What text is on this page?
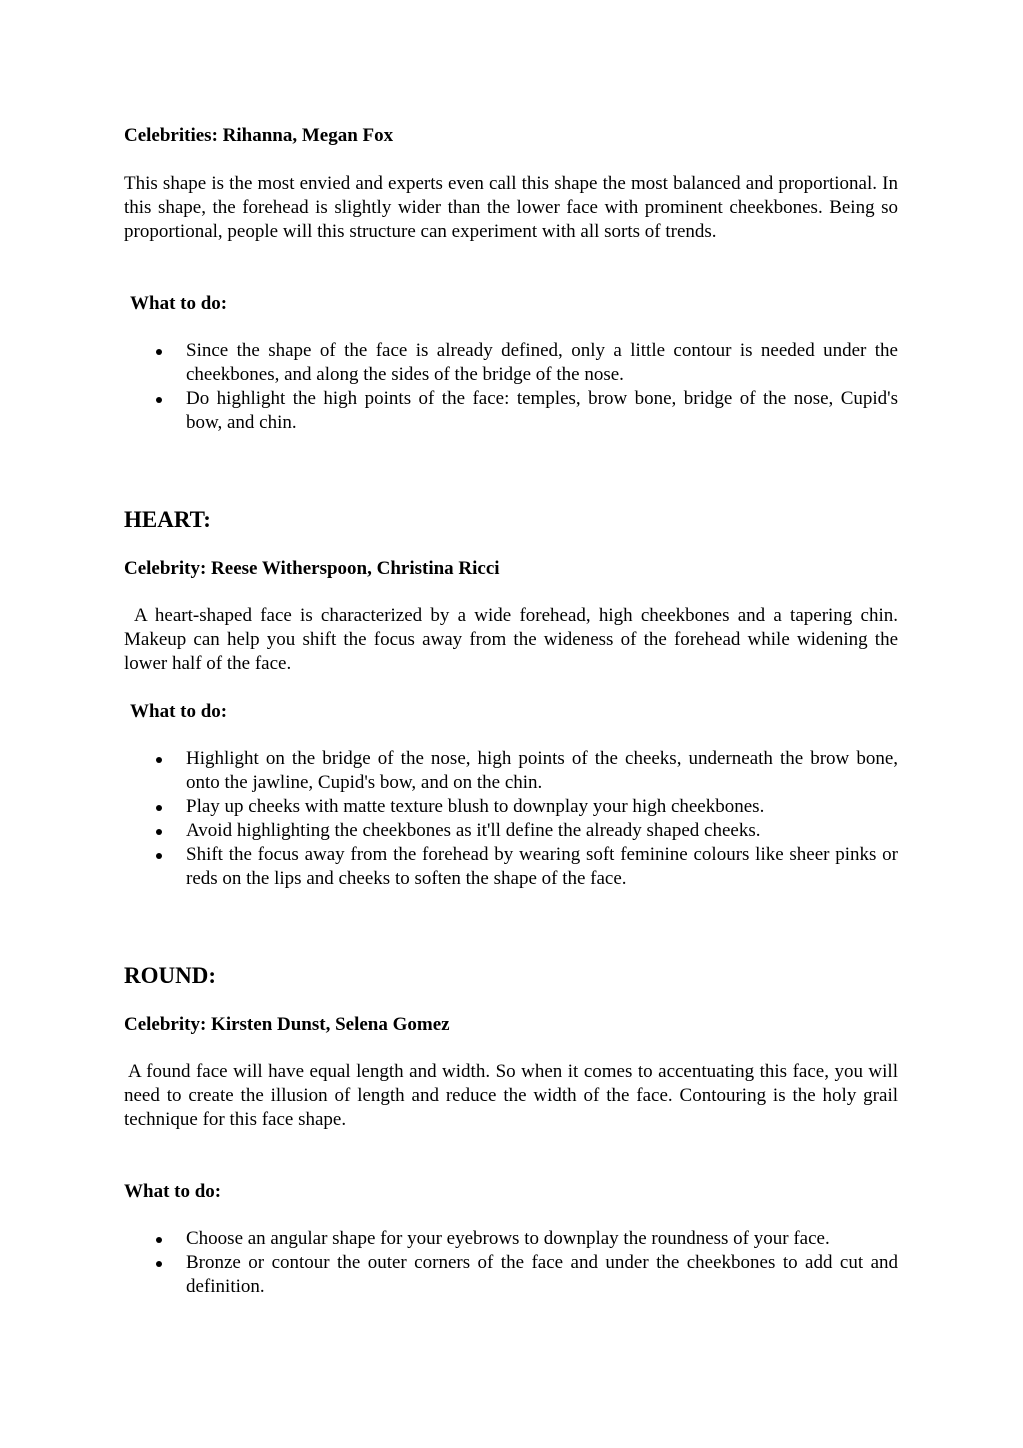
Celebrities: Rihanna, Megan Fox

This shape is the most envied and experts even call this shape the most balanced and proportional. In this shape, the forehead is slightly wider than the lower face with prominent cheekbones. Being so proportional, people will this structure can experiment with all sorts of trends.

What to do:

Since the shape of the face is already defined, only a little contour is needed under the cheekbones, and along the sides of the bridge of the nose.
Do highlight the high points of the face: temples, brow bone, bridge of the nose, Cupid's bow, and chin.

HEART:

Celebrity: Reese Witherspoon, Christina Ricci

A heart-shaped face is characterized by a wide forehead, high cheekbones and a tapering chin. Makeup can help you shift the focus away from the wideness of the forehead while widening the lower half of the face.

What to do:

Highlight on the bridge of the nose, high points of the cheeks, underneath the brow bone, onto the jawline, Cupid's bow, and on the chin.
Play up cheeks with matte texture blush to downplay your high cheekbones.
Avoid highlighting the cheekbones as it'll define the already shaped cheeks.
Shift the focus away from the forehead by wearing soft feminine colours like sheer pinks or reds on the lips and cheeks to soften the shape of the face.

ROUND:

Celebrity: Kirsten Dunst, Selena Gomez

A found face will have equal length and width. So when it comes to accentuating this face, you will need to create the illusion of length and reduce the width of the face. Contouring is the holy grail technique for this face shape.

What to do:

Choose an angular shape for your eyebrows to downplay the roundness of your face.
Bronze or contour the outer corners of the face and under the cheekbones to add cut and definition.
